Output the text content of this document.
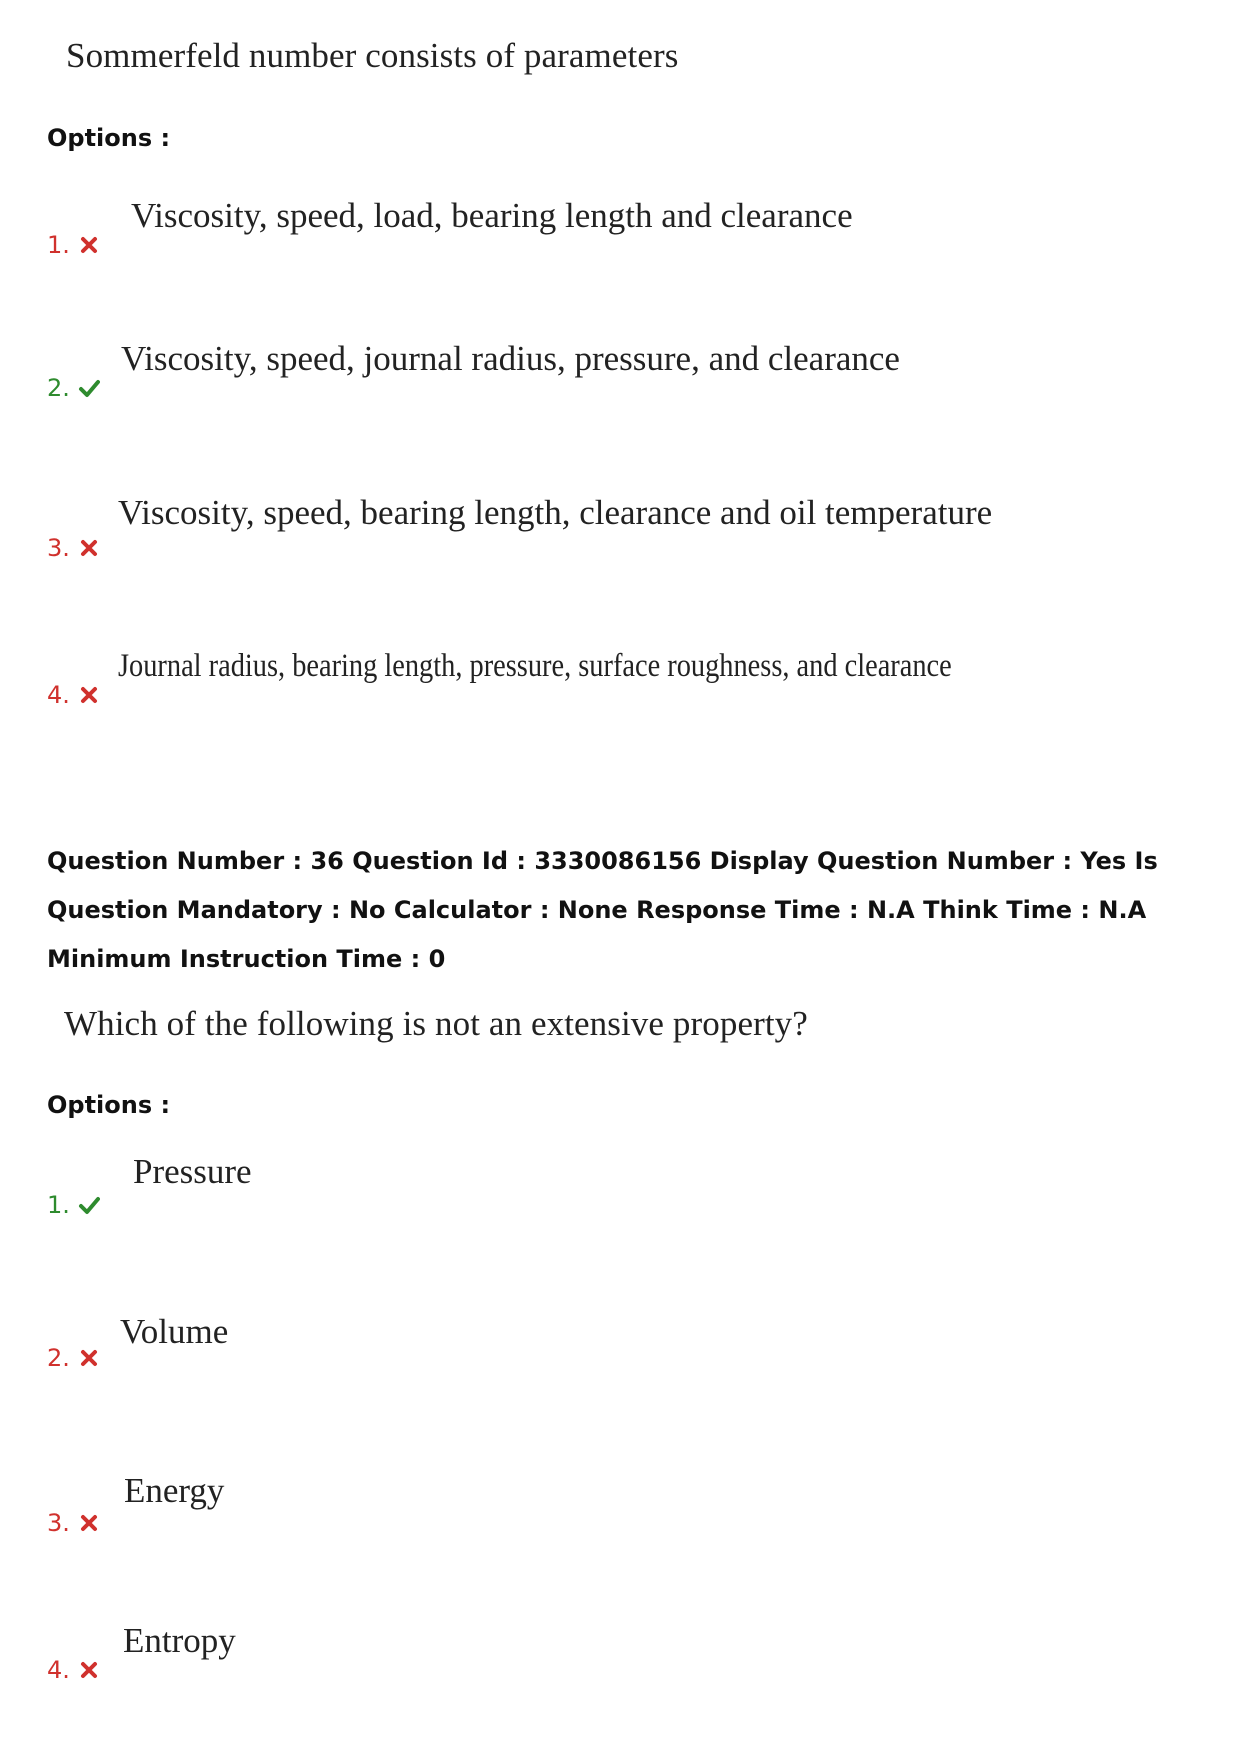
Sommerfeld number consists of parameters
Options :
Viscosity, speed, load, bearing length and clearance
1.
Viscosity, speed, journal radius, pressure, and clearance
2.
Viscosity, speed, bearing length, clearance and oil temperature
3.
Journal radius, bearing length, pressure, surface roughness, and clearance
4.
Question Number : 36 Question Id : 3330086156 Display Question Number : Yes Is Question Mandatory : No Calculator : None Response Time : N.A Think Time : N.A Minimum Instruction Time : 0
Which of the following is not an extensive property?
Options :
Pressure
1.
Volume
2.
Energy
3.
Entropy
4.
